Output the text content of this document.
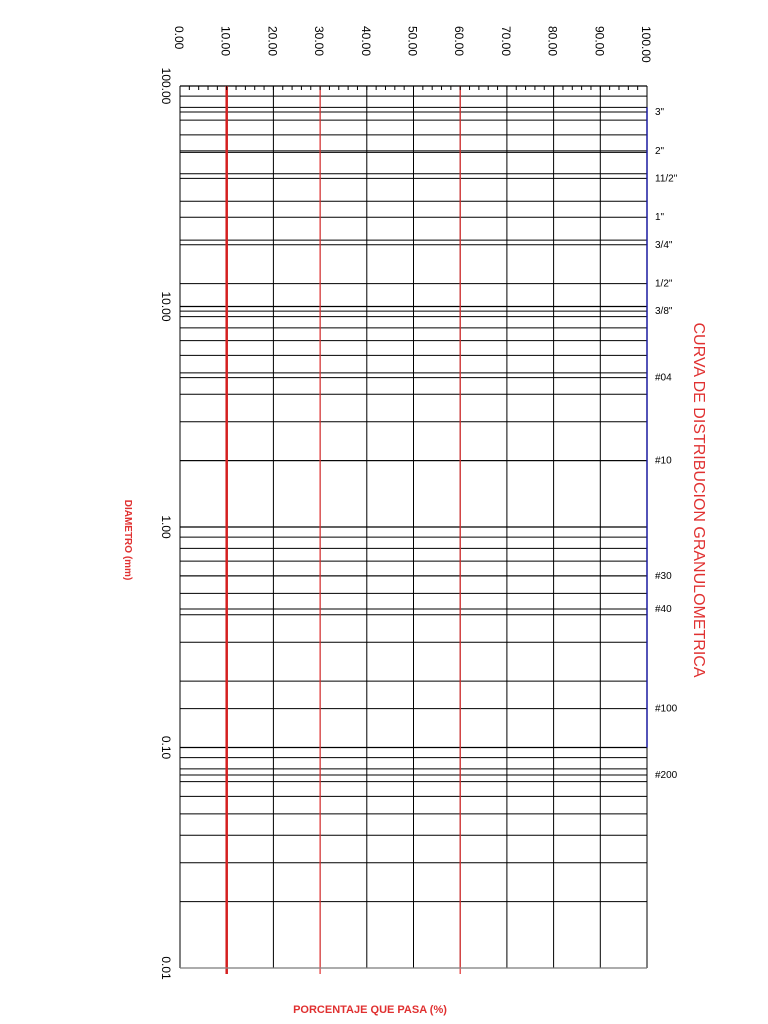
0.00	10.00	20.00	30.00	40.00	50.00	60.00	70.00	80.00	90.00	100.00
100.00
10.00
1.00
0.10
0.01
3"
2"
11/2"
1"
3/4"
1/2"
3/8"
#04
#10
#30
#40
#100
#200
CURVA DE DISTRIBUCION GRANULOMETRICA
DIAMETRO (mm)
PORCENTAJE QUE PASA (%)
